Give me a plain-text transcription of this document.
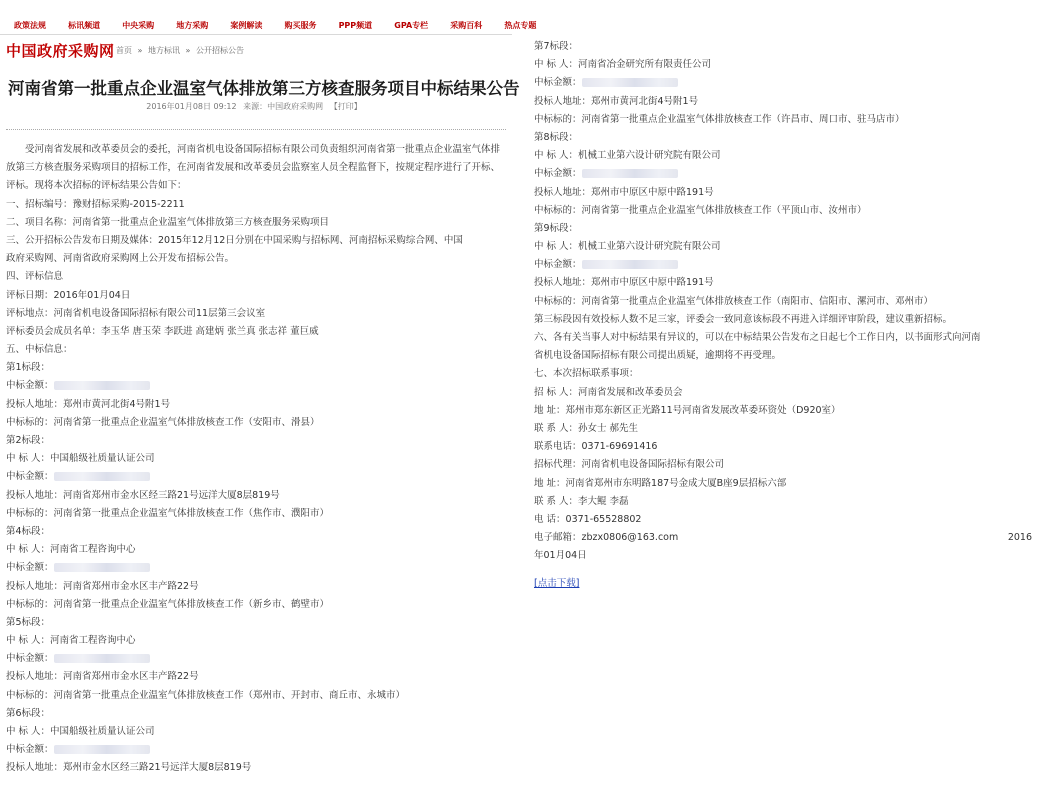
政策法规	标讯频道	中央采购	地方采购	案例解读	购买服务	PPP频道	GPA专栏	采购百科	热点专题
中国政府采购网 首页 » 地方标讯 » 公开招标公告
河南省第一批重点企业温室气体排放第三方核查服务项目中标结果公告
2016年01月08日 09:12 来源：中国政府采购网 【打印】
受河南省发展和改革委员会的委托，河南省机电设备国际招标有限公司负责组织河南省第一批重点企业温室气体排放第三方核查服务采购项目的招标工作，在河南省发展和改革委员会监察室人员全程监督下，按规定程序进行了开标、评标。现将本次招标的评标结果公告如下：
一、招标编号：豫财招标采购-2015-2211
二、项目名称：河南省第一批重点企业温室气体排放第三方核查服务采购项目
三、公开招标公告发布日期及媒体：2015年12月12日分别在中国采购与招标网、河南招标采购综合网、中国
政府采购网、河南省政府采购网上公开发布招标公告。
四、评标信息
评标日期：2016年01月04日
评标地点：河南省机电设备国际招标有限公司11层第三会议室
评标委员会成员名单：李玉华 唐玉荣 李跃进 高建炳 张兰真 张志祥 董巨威
五、中标信息：
第1标段：
中标金额：
投标人地址：郑州市黄河北街4号附1号
中标标的：河南省第一批重点企业温室气体排放核查工作（安阳市、滑县）
第2标段：
中 标 人：中国船级社质量认证公司
中标金额：
投标人地址：河南省郑州市金水区经三路21号远洋大厦8层819号
中标标的：河南省第一批重点企业温室气体排放核查工作（焦作市、濮阳市）
第4标段：
中 标 人：河南省工程咨询中心
中标金额：
投标人地址：河南省郑州市金水区丰产路22号
中标标的：河南省第一批重点企业温室气体排放核查工作（新乡市、鹤壁市）
第5标段：
中 标 人：河南省工程咨询中心
中标金额：
投标人地址：河南省郑州市金水区丰产路22号
中标标的：河南省第一批重点企业温室气体排放核查工作（郑州市、开封市、商丘市、永城市）
第6标段：
中 标 人：中国船级社质量认证公司
中标金额：
投标人地址：郑州市金水区经三路21号远洋大厦8层819号
第7标段：
中 标 人：河南省冶金研究所有限责任公司
中标金额：
投标人地址：郑州市黄河北街4号附1号
中标标的：河南省第一批重点企业温室气体排放核查工作（许昌市、周口市、驻马店市）
第8标段：
中 标 人：机械工业第六设计研究院有限公司
中标金额：
投标人地址：郑州市中原区中原中路191号
中标标的：河南省第一批重点企业温室气体排放核查工作（平顶山市、汝州市）
第9标段：
中 标 人：机械工业第六设计研究院有限公司
中标金额：
投标人地址：郑州市中原区中原中路191号
中标标的：河南省第一批重点企业温室气体排放核查工作（南阳市、信阳市、漯河市、邓州市）
第三标段因有效投标人数不足三家，评委会一致同意该标段不再进入详细评审阶段，建议重新招标。
六、各有关当事人对中标结果有异议的，可以在中标结果公告发布之日起七个工作日内，以书面形式向河南
省机电设备国际招标有限公司提出质疑，逾期将不再受理。
七、本次招标联系事项：
招 标 人：河南省发展和改革委员会
地 址：郑州市郑东新区正光路11号河南省发展改革委环资处（D920室）
联 系 人：孙女士 郝先生
联系电话：0371-69691416
招标代理：河南省机电设备国际招标有限公司
地 址：河南省郑州市东明路187号金成大厦B座9层招标六部
联 系 人：李大鲲 李磊
电 话：0371-65528802
电子邮箱：zbzx0806@163.com	2016
年01月04日
[点击下载]
